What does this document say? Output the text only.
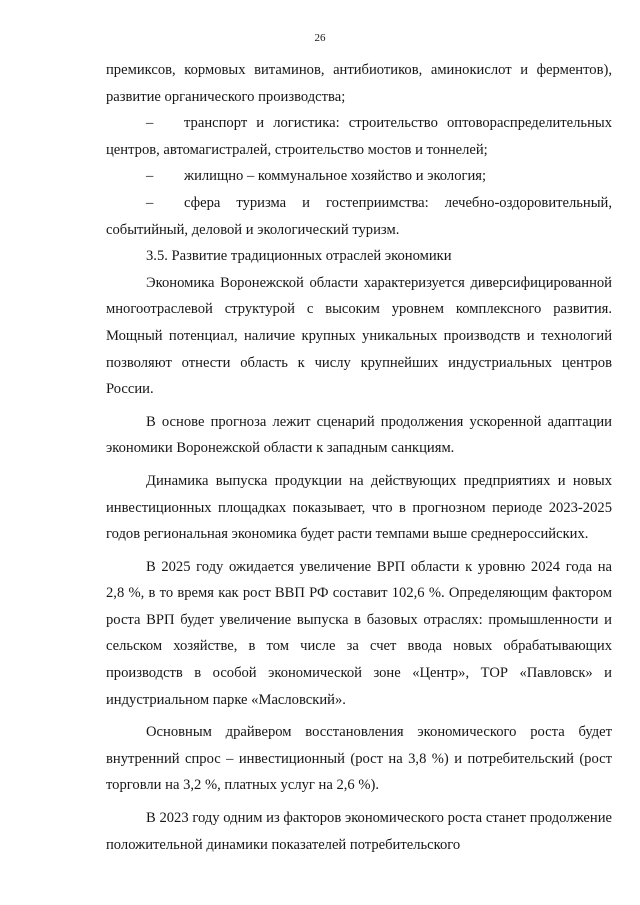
26

премиксов, кормовых витаминов, антибиотиков, аминокислот и ферментов), развитие органического производства;

– транспорт и логистика: строительство оптовораспределительных центров, автомагистралей, строительство мостов и тоннелей;

– жилищно – коммунальное хозяйство и экология;

– сфера туризма и гостеприимства: лечебно-оздоровительный, событийный, деловой и экологический туризм.

3.5. Развитие традиционных отраслей экономики

Экономика Воронежской области характеризуется диверсифицированной многоотраслевой структурой с высоким уровнем комплексного развития. Мощный потенциал, наличие крупных уникальных производств и технологий позволяют отнести область к числу крупнейших индустриальных центров России.

В основе прогноза лежит сценарий продолжения ускоренной адаптации экономики Воронежской области к западным санкциям.

Динамика выпуска продукции на действующих предприятиях и новых инвестиционных площадках показывает, что в прогнозном периоде 2023-2025 годов региональная экономика будет расти темпами выше среднероссийских.

В 2025 году ожидается увеличение ВРП области к уровню 2024 года на 2,8 %, в то время как рост ВВП РФ составит 102,6 %. Определяющим фактором роста ВРП будет увеличение выпуска в базовых отраслях: промышленности и сельском хозяйстве, в том числе за счет ввода новых обрабатывающих производств в особой экономической зоне «Центр», ТОР «Павловск» и индустриальном парке «Масловский».

Основным драйвером восстановления экономического роста будет внутренний спрос – инвестиционный (рост на 3,8 %) и потребительский (рост торговли на 3,2 %, платных услуг на 2,6 %).

В 2023 году одним из факторов экономического роста станет продолжение положительной динамики показателей потребительского
